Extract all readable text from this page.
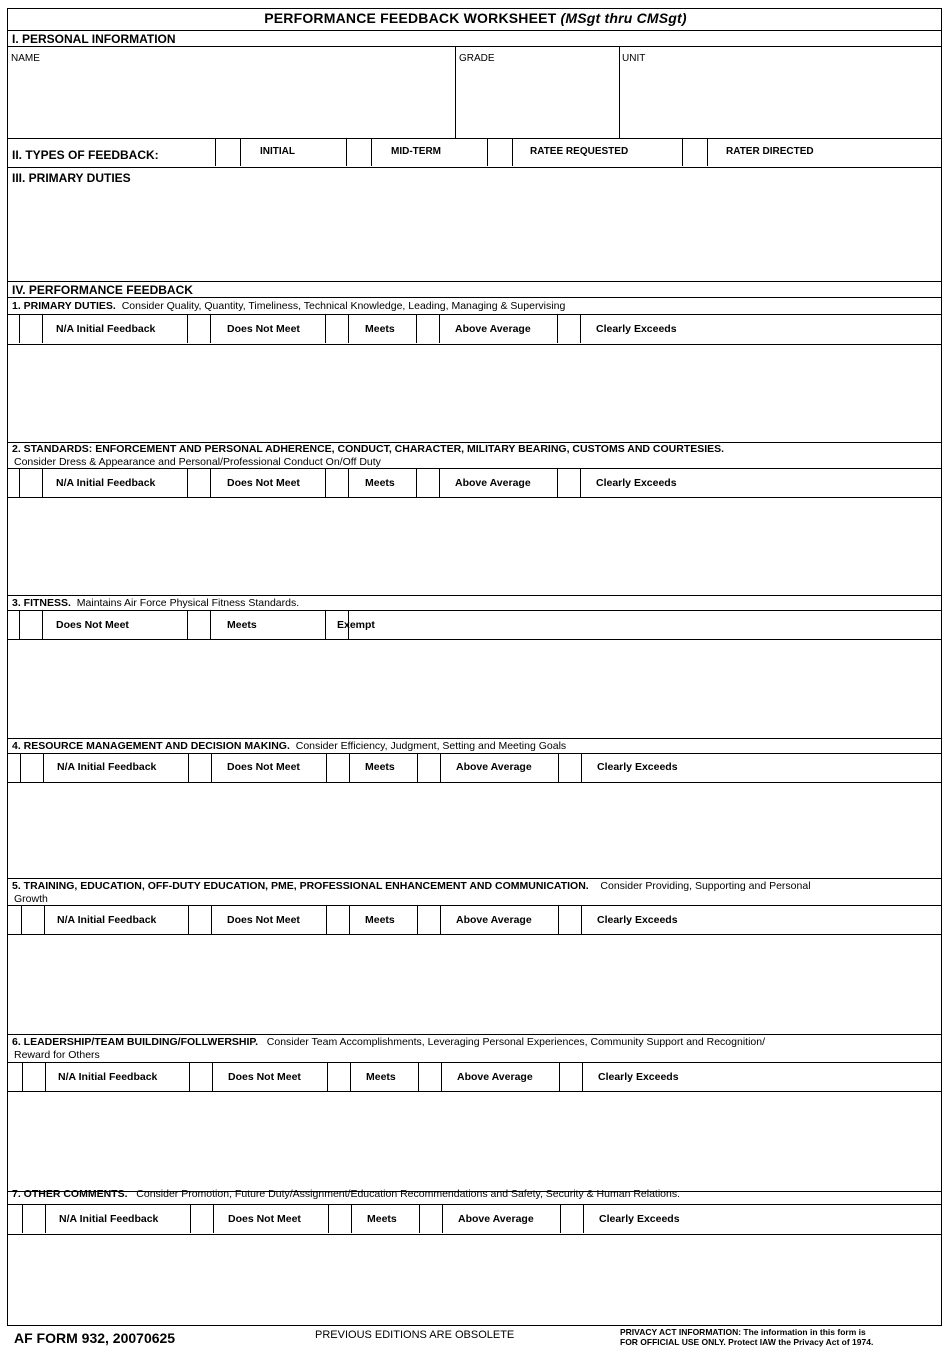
PERFORMANCE FEEDBACK WORKSHEET (MSgt thru CMSgt)
I. PERSONAL INFORMATION
NAME	GRADE	UNIT
II. TYPES OF FEEDBACK:	INITIAL	MID-TERM	RATEE REQUESTED	RATER DIRECTED
III. PRIMARY DUTIES
IV. PERFORMANCE FEEDBACK
1. PRIMARY DUTIES. Consider Quality, Quantity, Timeliness, Technical Knowledge, Leading, Managing & Supervising
N/A Initial Feedback	Does Not Meet	Meets	Above Average	Clearly Exceeds
2. STANDARDS: ENFORCEMENT AND PERSONAL ADHERENCE, CONDUCT, CHARACTER, MILITARY BEARING, CUSTOMS AND COURTESIES.
Consider Dress & Appearance and Personal/Professional Conduct On/Off Duty
N/A Initial Feedback	Does Not Meet	Meets	Above Average	Clearly Exceeds
3. FITNESS. Maintains Air Force Physical Fitness Standards.
Does Not Meet	Meets	Exempt
4. RESOURCE MANAGEMENT AND DECISION MAKING. Consider Efficiency, Judgment, Setting and Meeting Goals
N/A Initial Feedback	Does Not Meet	Meets	Above Average	Clearly Exceeds
5. TRAINING, EDUCATION, OFF-DUTY EDUCATION, PME, PROFESSIONAL ENHANCEMENT AND COMMUNICATION. Consider Providing, Supporting and Personal
Growth
N/A Initial Feedback	Does Not Meet	Meets	Above Average	Clearly Exceeds
6. LEADERSHIP/TEAM BUILDING/FOLLWERSHIP. Consider Team Accomplishments, Leveraging Personal Experiences, Community Support and Recognition/
Reward for Others
N/A Initial Feedback	Does Not Meet	Meets	Above Average	Clearly Exceeds
7. OTHER COMMENTS. Consider Promotion, Future Duty/Assignment/Education Recommendations and Safety, Security & Human Relations.
N/A Initial Feedback	Does Not Meet	Meets	Above Average	Clearly Exceeds
AF FORM 932, 20070625	PREVIOUS EDITIONS ARE OBSOLETE	PRIVACY ACT INFORMATION: The information in this form is
FOR OFFICIAL USE ONLY. Protect IAW the Privacy Act of 1974.
